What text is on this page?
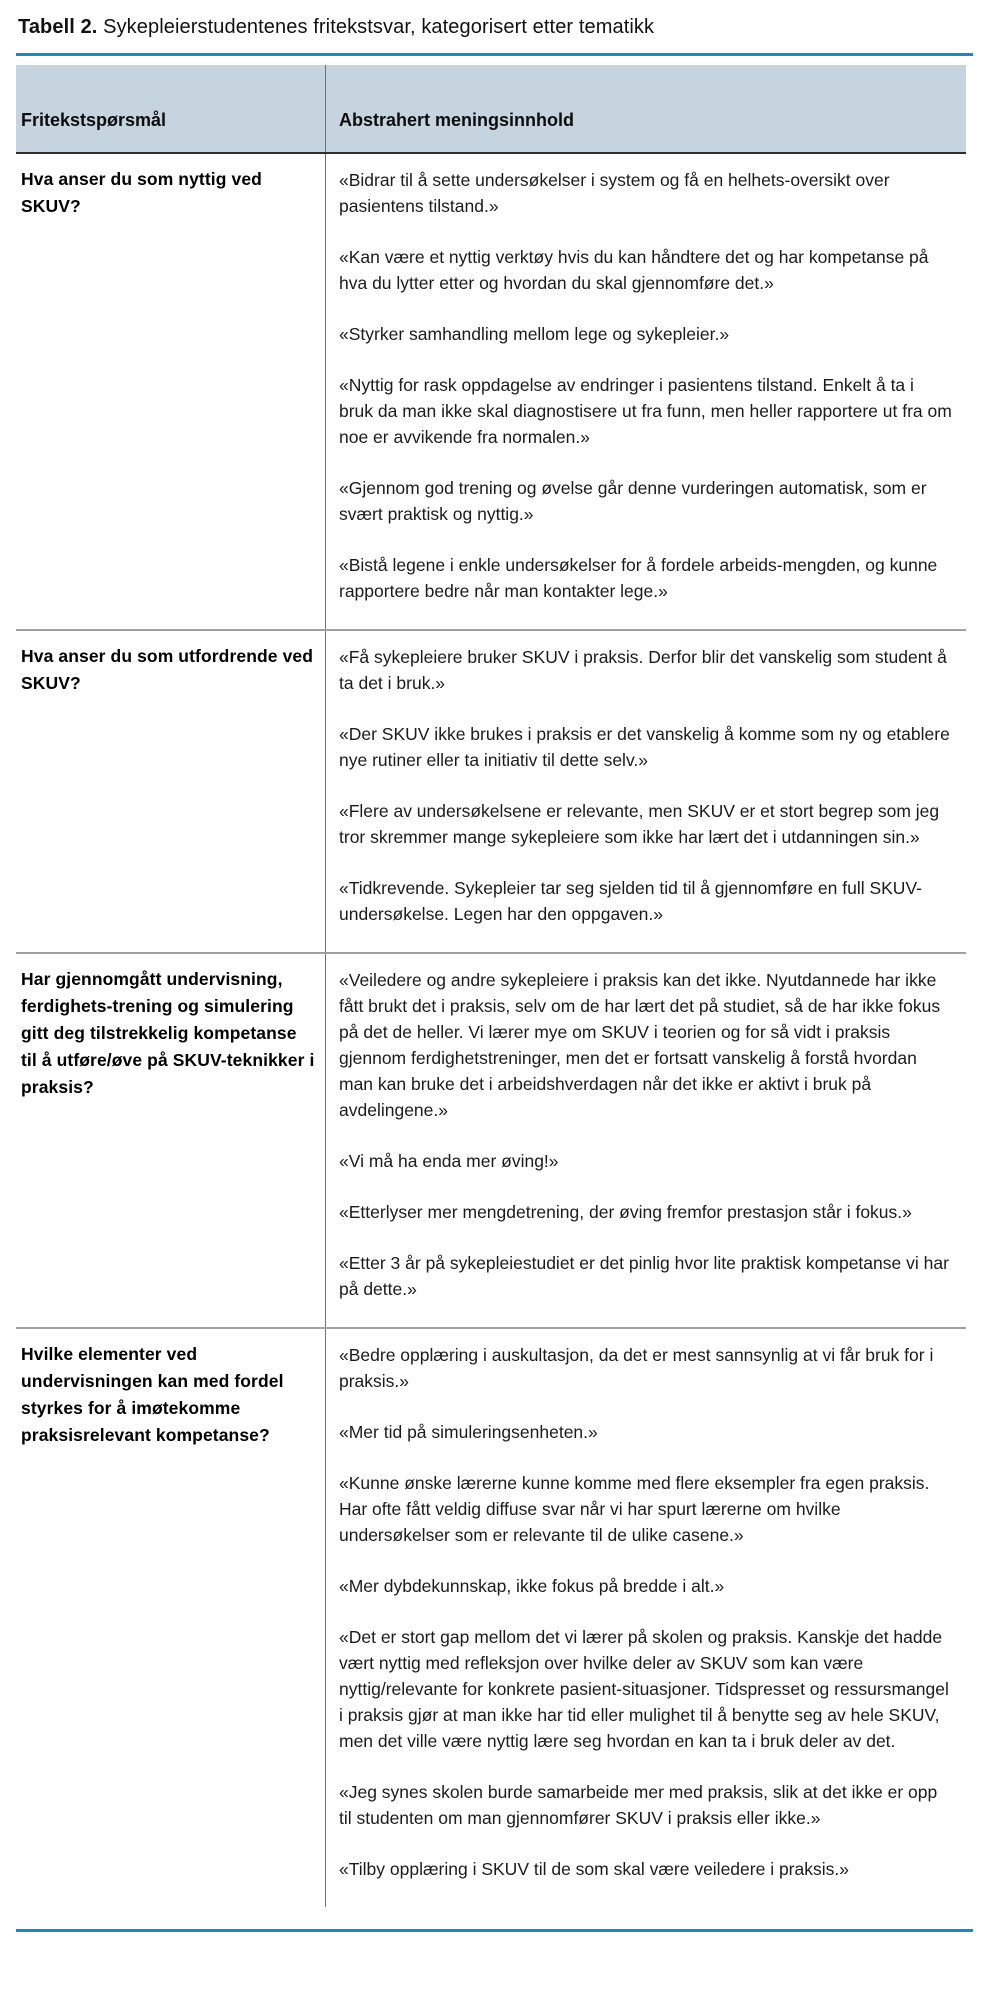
Tabell 2. Sykepleierstudentenes fritekstsvar, kategorisert etter tematikk
Fritekstspørsmål	Abstrahert meningsinnhold
Hva anser du som nyttig ved SKUV?

«Bidrar til å sette undersøkelser i system og få en helhets-oversikt over pasientens tilstand.»

«Kan være et nyttig verktøy hvis du kan håndtere det og har kompetanse på hva du lytter etter og hvordan du skal gjennomføre det.»

«Styrker samhandling mellom lege og sykepleier.»

«Nyttig for rask oppdagelse av endringer i pasientens tilstand. Enkelt å ta i bruk da man ikke skal diagnostisere ut fra funn, men heller rapportere ut fra om noe er avvikende fra normalen.»

«Gjennom god trening og øvelse går denne vurderingen automatisk, som er svært praktisk og nyttig.»

«Bistå legene i enkle undersøkelser for å fordele arbeids-mengden, og kunne rapportere bedre når man kontakter lege.»

Hva anser du som utfordrende ved SKUV?

«Få sykepleiere bruker SKUV i praksis. Derfor blir det vanskelig som student å ta det i bruk.»

«Der SKUV ikke brukes i praksis er det vanskelig å komme som ny og etablere nye rutiner eller ta initiativ til dette selv.»

«Flere av undersøkelsene er relevante, men SKUV er et stort begrep som jeg tror skremmer mange sykepleiere som ikke har lært det i utdanningen sin.»

«Tidkrevende. Sykepleier tar seg sjelden tid til å gjennomføre en full SKUV-undersøkelse. Legen har den oppgaven.»

Har gjennomgått undervisning, ferdighets-trening og simulering gitt deg tilstrekkelig kompetanse til å utføre/øve på SKUV-teknikker i praksis?

«Veiledere og andre sykepleiere i praksis kan det ikke. Nyutdannede har ikke fått brukt det i praksis, selv om de har lært det på studiet, så de har ikke fokus på det de heller. Vi lærer mye om SKUV i teorien og for så vidt i praksis gjennom ferdighetstreninger, men det er fortsatt vanskelig å forstå hvordan man kan bruke det i arbeidshverdagen når det ikke er aktivt i bruk på avdelingene.»

«Vi må ha enda mer øving!»

«Etterlyser mer mengdetrening, der øving fremfor prestasjon står i fokus.»

«Etter 3 år på sykepleiestudiet er det pinlig hvor lite praktisk kompetanse vi har på dette.»

Hvilke elementer ved undervisningen kan med fordel styrkes for å imøtekomme praksisrelevant kompetanse?

«Bedre opplæring i auskultasjon, da det er mest sannsynlig at vi får bruk for i praksis.»

«Mer tid på simuleringsenheten.»

«Kunne ønske lærerne kunne komme med flere eksempler fra egen praksis. Har ofte fått veldig diffuse svar når vi har spurt lærerne om hvilke undersøkelser som er relevante til de ulike casene.»

«Mer dybdekunnskap, ikke fokus på bredde i alt.»

«Det er stort gap mellom det vi lærer på skolen og praksis. Kanskje det hadde vært nyttig med refleksjon over hvilke deler av SKUV som kan være nyttig/relevante for konkrete pasient-situasjoner. Tidspresset og ressursmangel i praksis gjør at man ikke har tid eller mulighet til å benytte seg av hele SKUV, men det ville være nyttig lære seg hvordan en kan ta i bruk deler av det.

«Jeg synes skolen burde samarbeide mer med praksis, slik at det ikke er opp til studenten om man gjennomfører SKUV i praksis eller ikke.»

«Tilby opplæring i SKUV til de som skal være veiledere i praksis.»
